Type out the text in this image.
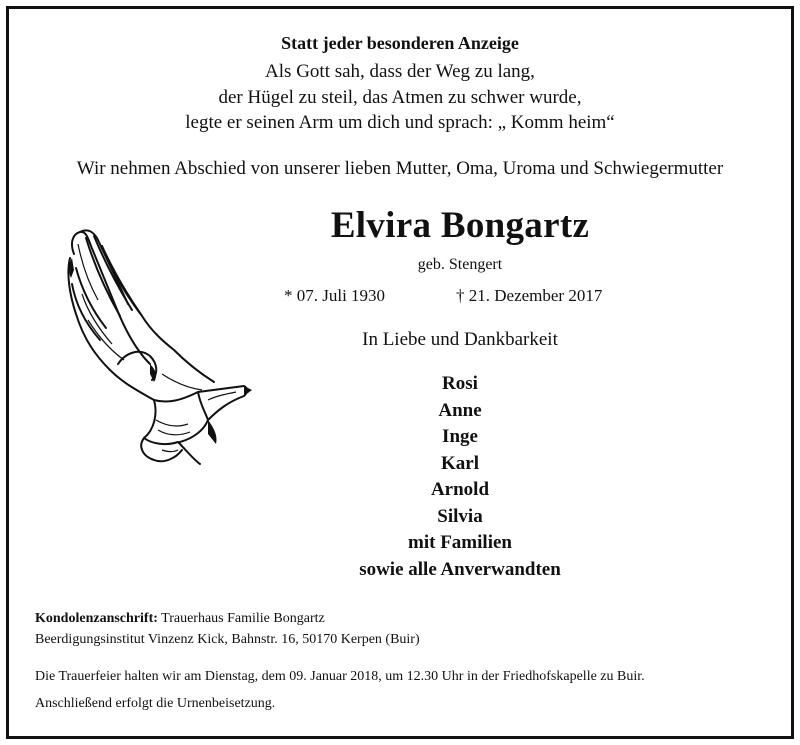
Statt jeder besonderen Anzeige
Als Gott sah, dass der Weg zu lang,
der Hügel zu steil, das Atmen zu schwer wurde,
legte er seinen Arm um dich und sprach: „ Komm heim“
Wir nehmen Abschied von unserer lieben Mutter, Oma, Uroma und Schwiegermutter
Elvira Bongartz
geb. Stengert
* 07. Juli 1930	† 21. Dezember 2017
In Liebe und Dankbarkeit
Rosi
Anne
Inge
Karl
Arnold
Silvia
mit Familien
sowie alle Anverwandten
Kondolenzanschrift: Trauerhaus Familie Bongartz
Beerdigungsinstitut Vinzenz Kick, Bahnstr. 16, 50170 Kerpen (Buir)
Die Trauerfeier halten wir am Dienstag, dem 09. Januar 2018, um 12.30 Uhr in der Friedhofskapelle zu Buir.
Anschließend erfolgt die Urnenbeisetzung.
